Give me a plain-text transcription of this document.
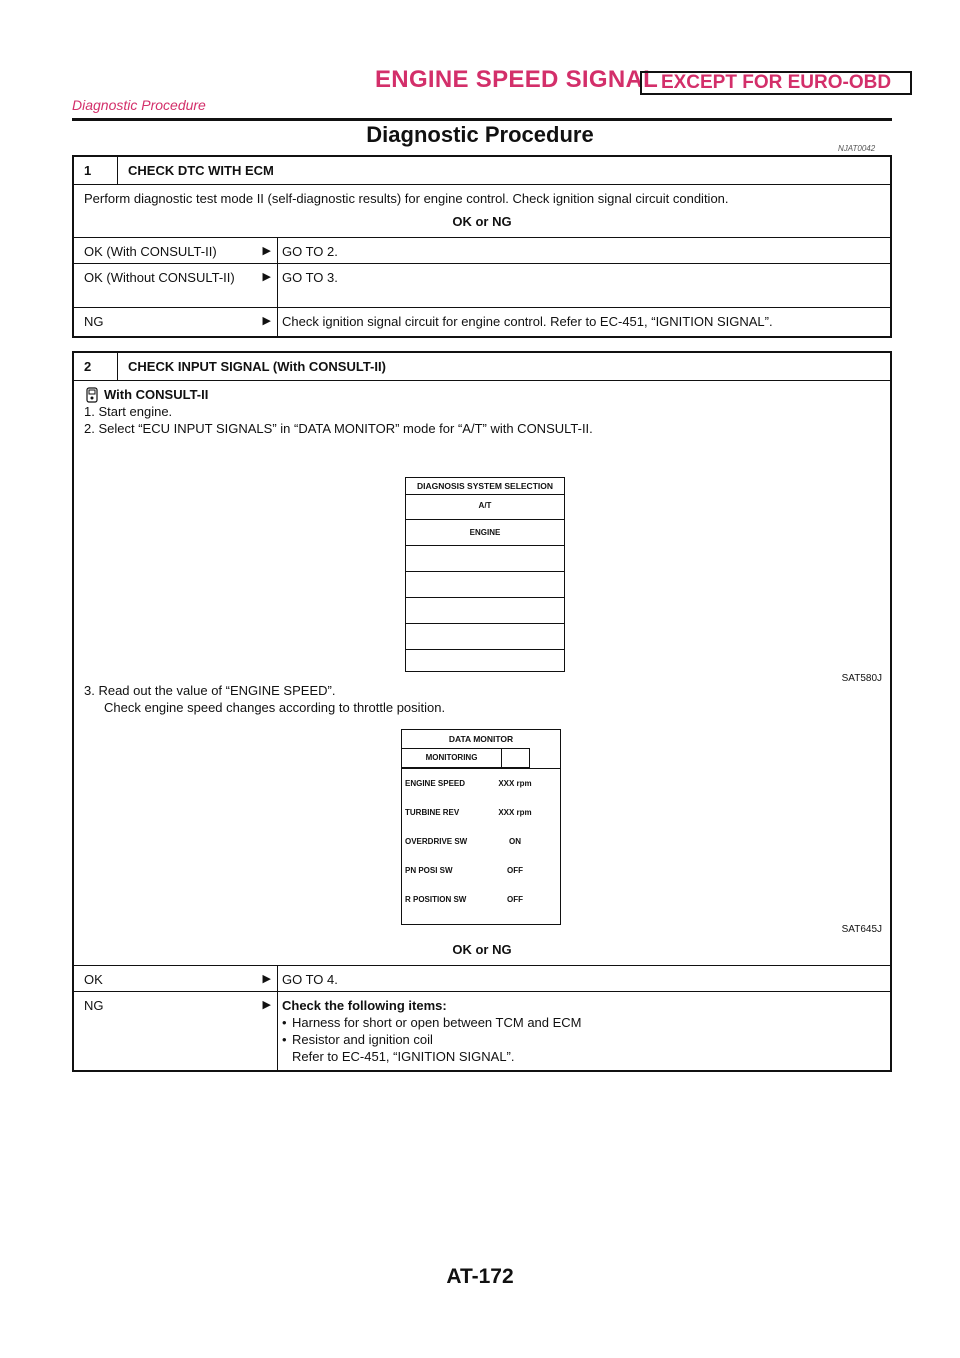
ENGINE SPEED SIGNAL EXCEPT FOR EURO-OBD
Diagnostic Procedure
Diagnostic Procedure
NJAT0042
1	CHECK DTC WITH ECM
Perform diagnostic test mode II (self-diagnostic results) for engine control. Check ignition signal circuit condition.
OK or NG
OK (With CONSULT-II)	▶ GO TO 2.
OK (Without CONSULT-II)	▶ GO TO 3.
NG	▶ Check ignition signal circuit for engine control. Refer to EC-451, “IGNITION SIGNAL”.
2	CHECK INPUT SIGNAL (With CONSULT-II)
With CONSULT-II
1. Start engine.
2. Select “ECU INPUT SIGNALS” in “DATA MONITOR” mode for “A/T” with CONSULT-II.
DIAGNOSIS SYSTEM SELECTION
A/T
ENGINE
SAT580J
3. Read out the value of “ENGINE SPEED”.
Check engine speed changes according to throttle position.
DATA MONITOR
MONITORING
ENGINE SPEED	XXX rpm
TURBINE REV	XXX rpm
OVERDRIVE SW	ON
PN POSI SW	OFF
R POSITION SW	OFF
SAT645J
OK or NG
OK	▶ GO TO 4.
NG	▶ Check the following items:
• Harness for short or open between TCM and ECM
• Resistor and ignition coil
Refer to EC-451, “IGNITION SIGNAL”.
AT-172
